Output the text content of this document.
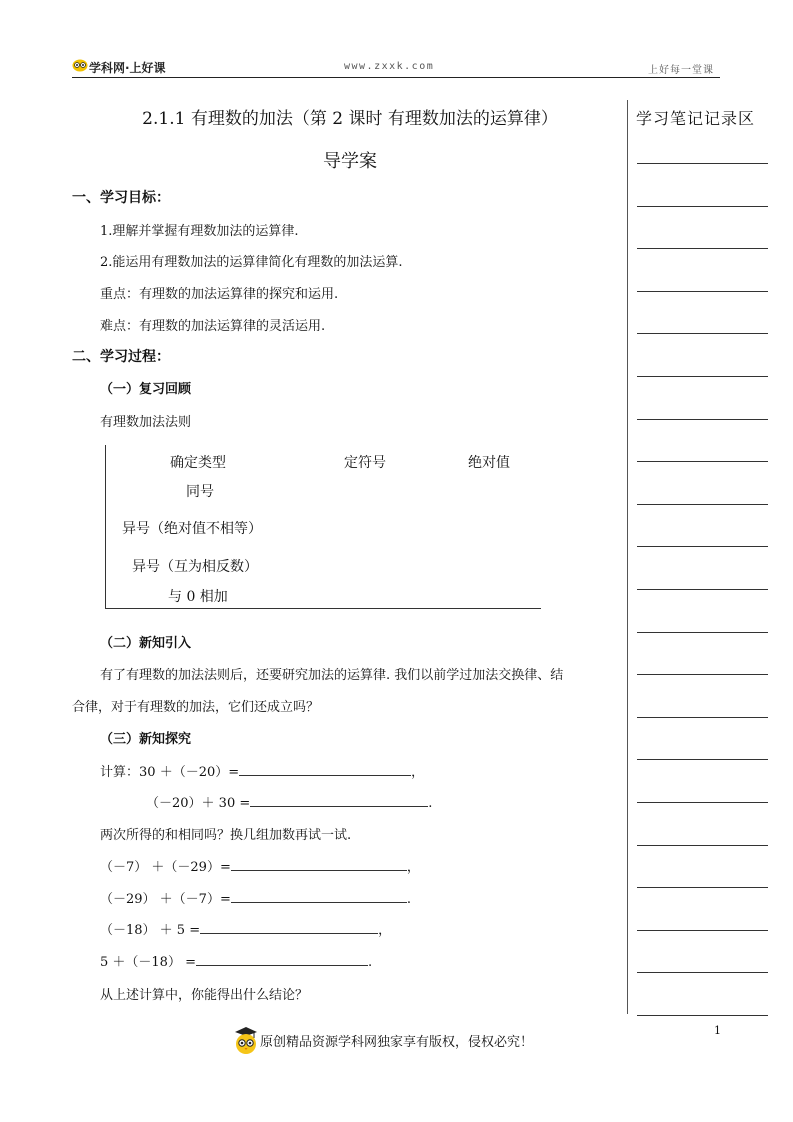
学科网·上好课	www.zxxk.com	上好每一堂课
学习笔记记录区
2.1.1 有理数的加法（第 2 课时 有理数加法的运算律）
导学案
一、学习目标：
1.理解并掌握有理数加法的运算律.
2.能运用有理数加法的运算律简化有理数的加法运算.
重点：有理数的加法运算律的探究和运用.
难点：有理数的加法运算律的灵活运用.
二、学习过程：
（一）复习回顾
有理数加法法则
确定类型	定符号	绝对值
同号
异号（绝对值不相等）
异号（互为相反数）
与 0 相加
（二）新知引入
有了有理数的加法法则后，还要研究加法的运算律. 我们以前学过加法交换律、结
合律，对于有理数的加法，它们还成立吗？
（三）新知探究
计算：30 ＋（－20）=	，
（－20）＋ 30 =	.
两次所得的和相同吗？换几组加数再试一试.
（－7） ＋（－29）=	，
（－29） ＋（－7）=	.
（－18） ＋ 5 =	，
5 ＋（－18） =	.
从上述计算中，你能得出什么结论？
1
原创精品资源学科网独家享有版权，侵权必究！
